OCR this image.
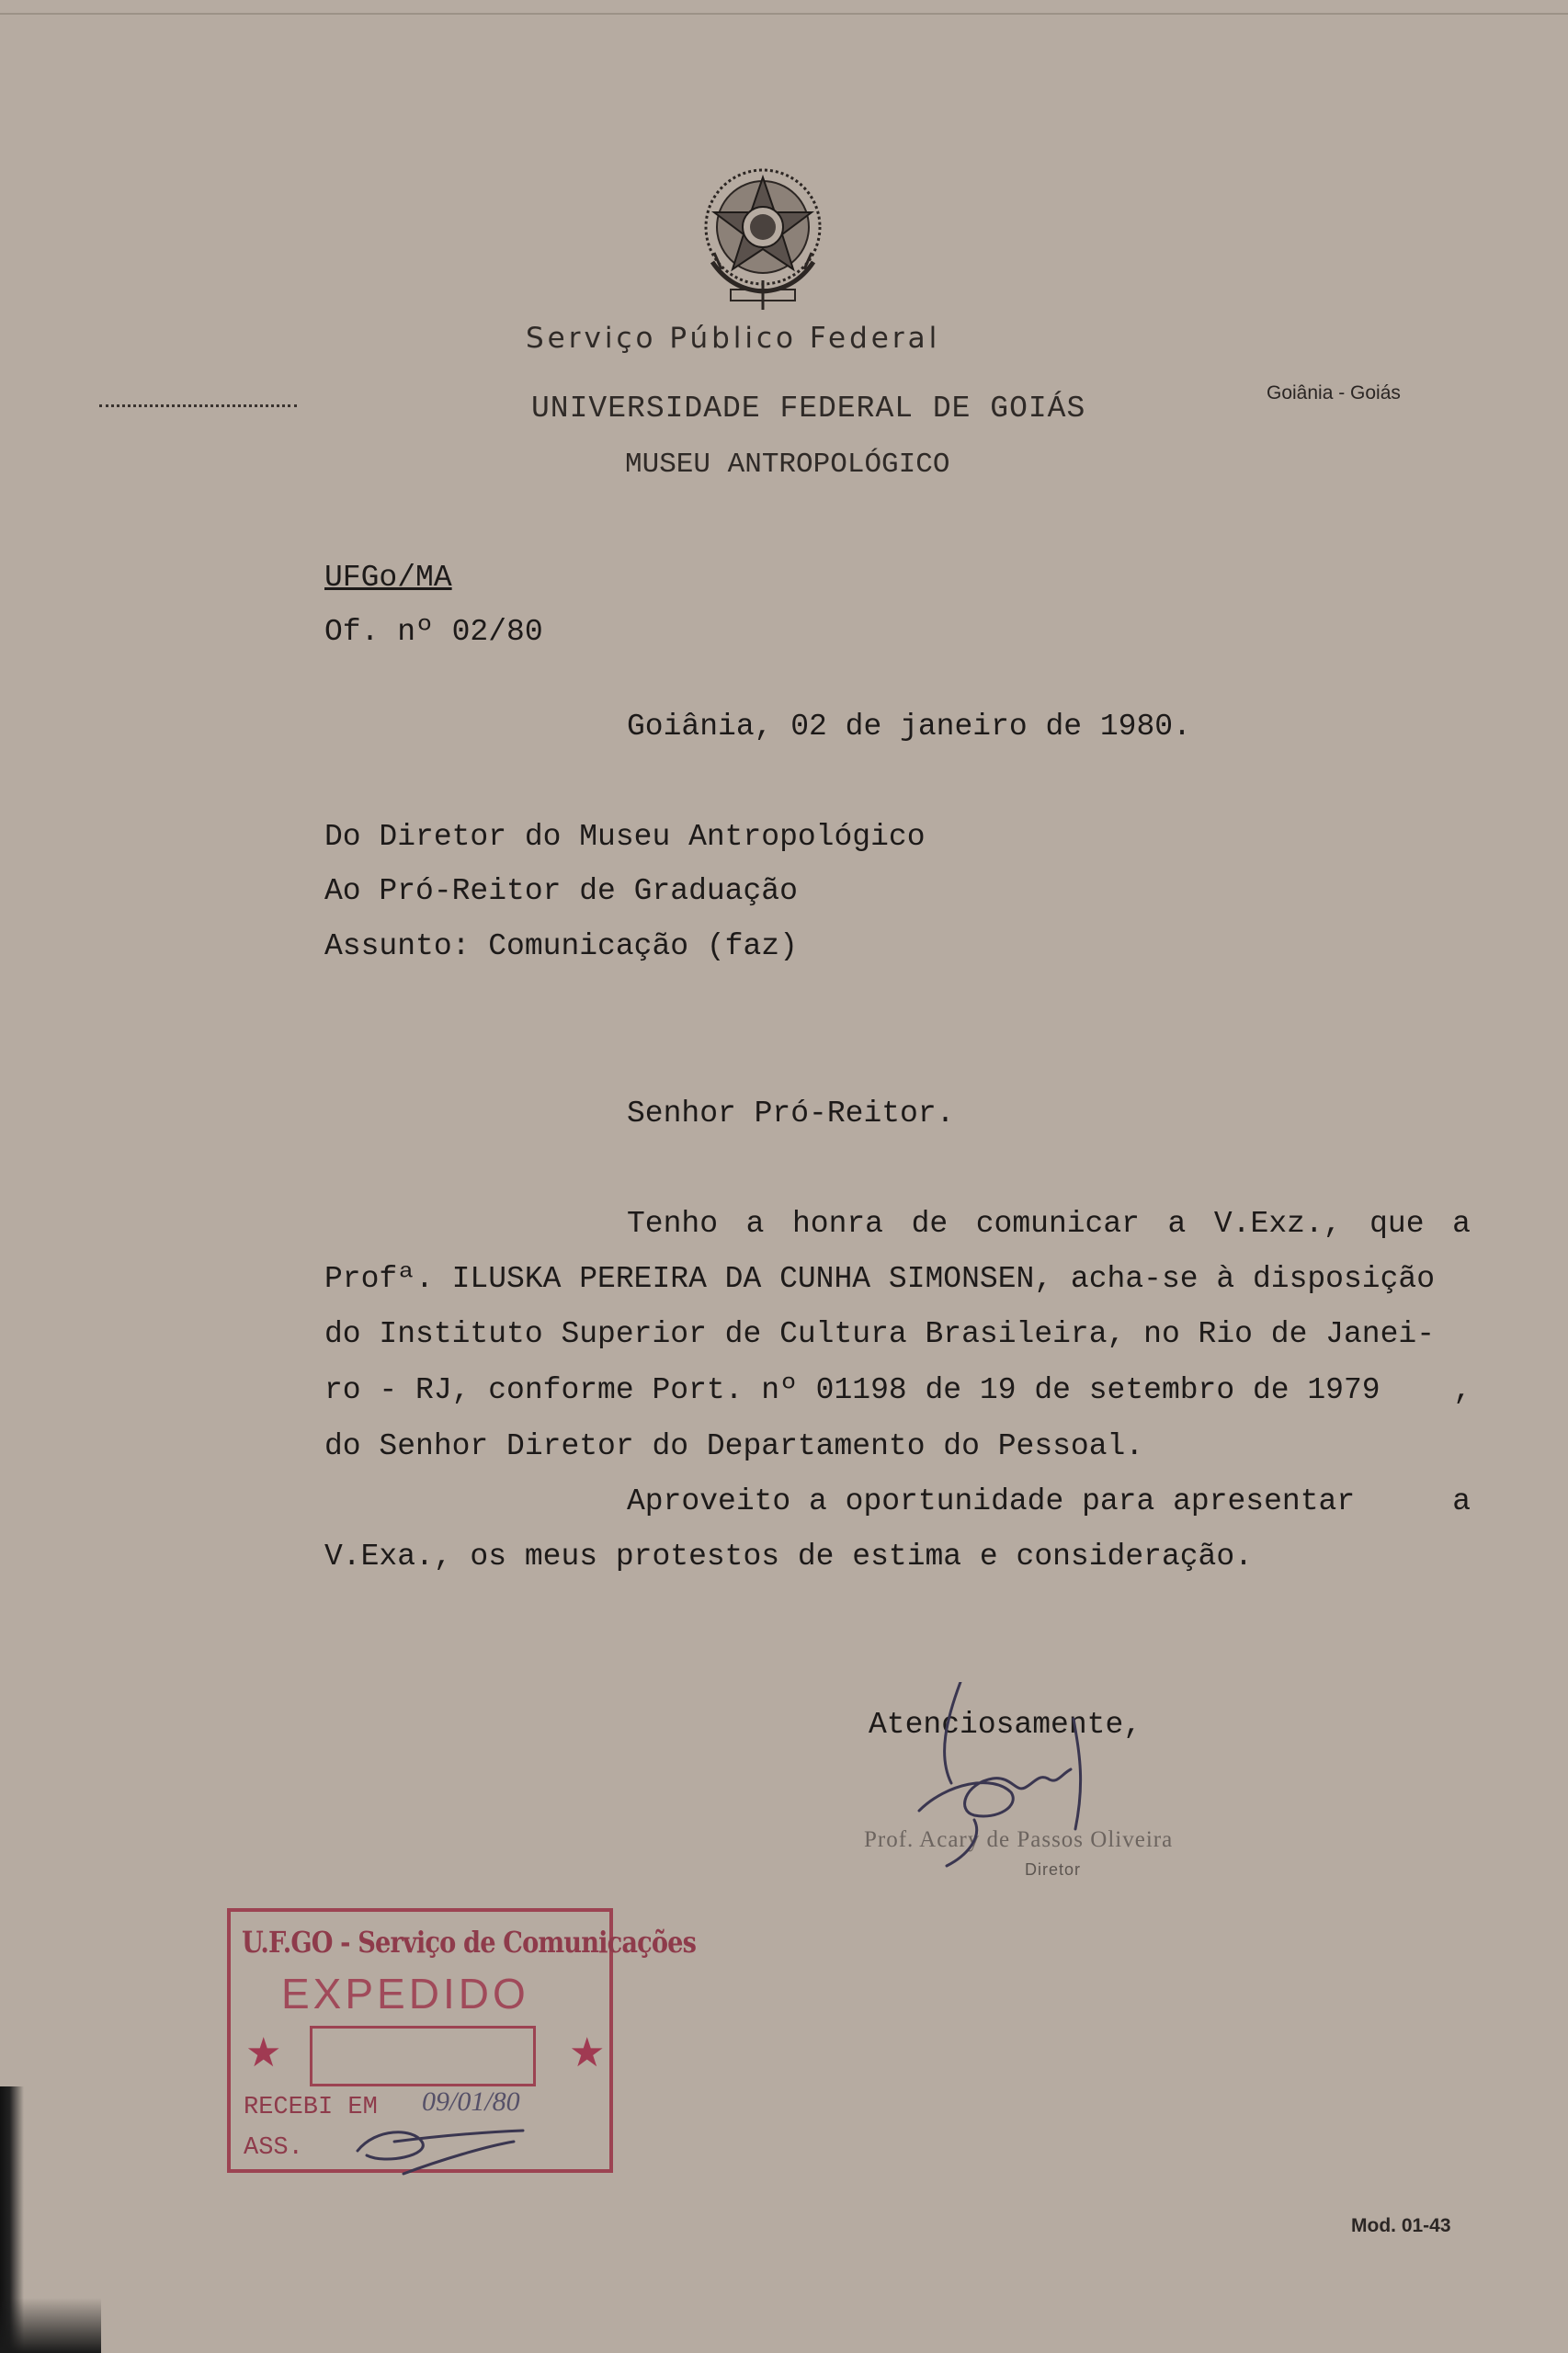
Serviço Público Federal
UNIVERSIDADE FEDERAL DE GOIÁS
MUSEU ANTROPOLÓGICO
Goiânia - Goiás
UFGo/MA
Of. nº 02/80
Goiânia, 02 de janeiro de 1980.
Do Diretor do Museu Antropológico
Ao Pró-Reitor de Graduação
Assunto: Comunicação (faz)
Senhor Pró-Reitor.
Tenho a honra de comunicar a V.Exz., que a
Profª. ILUSKA PEREIRA DA CUNHA SIMONSEN, acha-se à disposição
do Instituto Superior de Cultura Brasileira, no Rio de Janei-
ro - RJ, conforme Port. nº 01198 de 19 de setembro de 1979 ,
do Senhor Diretor do Departamento do Pessoal.
Aproveito a oportunidade para apresentar	a
V.Exa., os meus protestos de estima e consideração.
Atenciosamente,
Prof. Acary de Passos Oliveira
Diretor
U.F.GO - Serviço de Comunicações
EXPEDIDO
★	★
RECEBI EM 09/01/80
ASS.
Mod. 01-43
